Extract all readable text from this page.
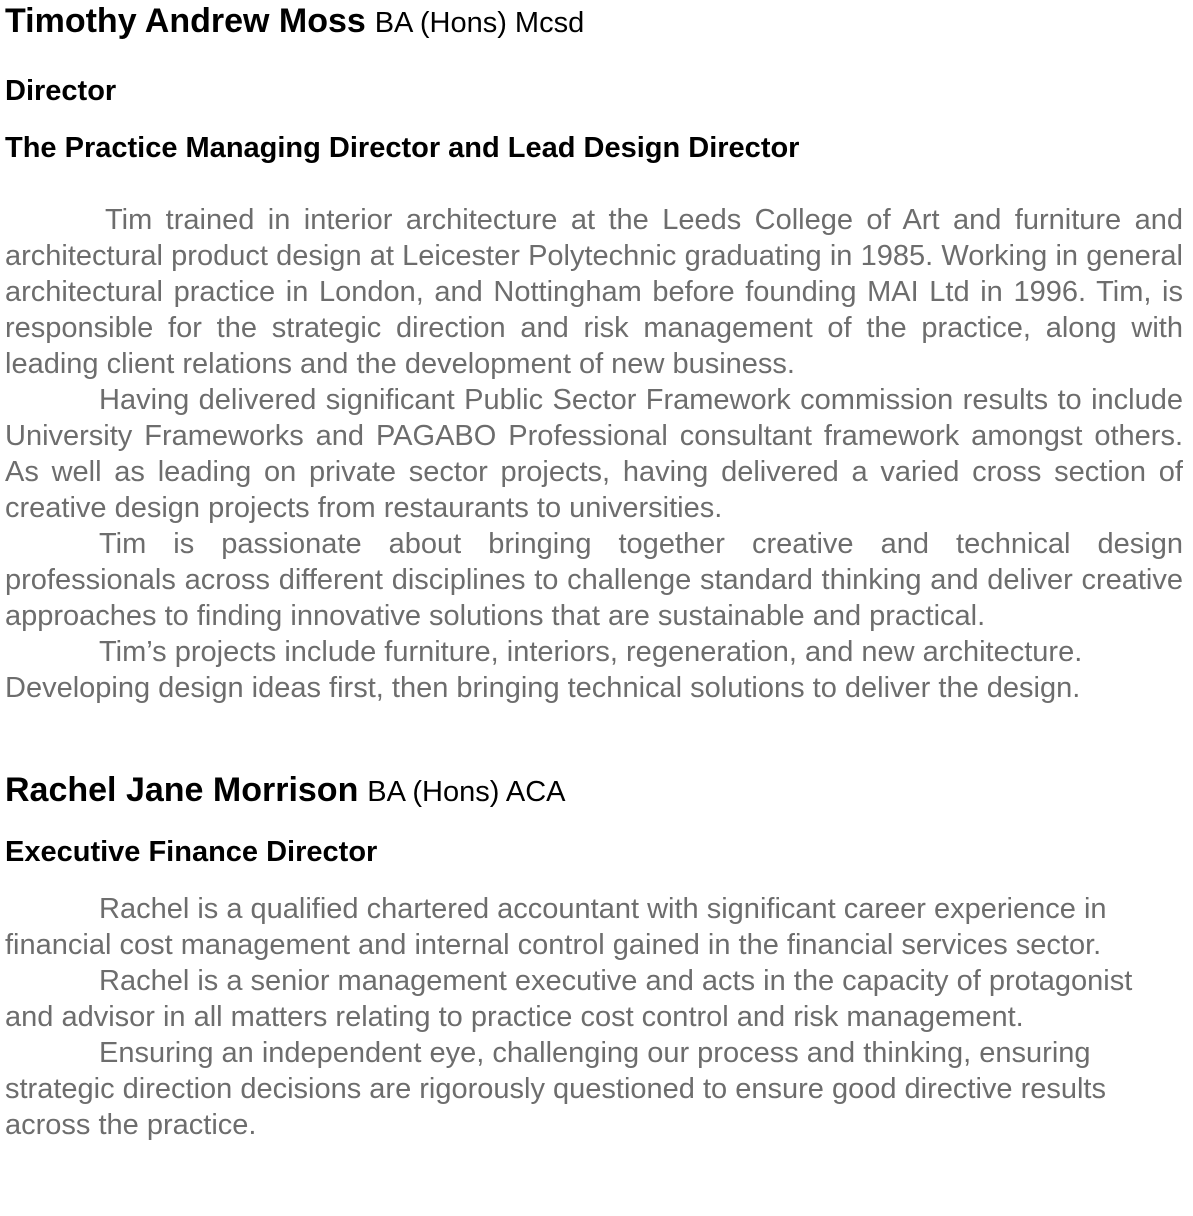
Timothy Andrew Moss BA (Hons) Mcsd
Director
The Practice Managing Director and Lead Design Director

Tim trained in interior architecture at the Leeds College of Art and furniture and architectural product design at Leicester Polytechnic graduating in 1985. Working in general architectural practice in London, and Nottingham before founding MAI Ltd in 1996. Tim, is responsible for the strategic direction and risk management of the practice, along with leading client relations and the development of new business.

Having delivered significant Public Sector Framework commission results to include University Frameworks and PAGABO Professional consultant framework amongst others. As well as leading on private sector projects, having delivered a varied cross section of creative design projects from restaurants to universities.

Tim is passionate about bringing together creative and technical design professionals across different disciplines to challenge standard thinking and deliver creative approaches to finding innovative solutions that are sustainable and practical.

Tim’s projects include furniture, interiors, regeneration, and new architecture. Developing design ideas first, then bringing technical solutions to deliver the design.

Rachel Jane Morrison BA (Hons) ACA
Executive Finance Director

Rachel is a qualified chartered accountant with significant career experience in financial cost management and internal control gained in the financial services sector.

Rachel is a senior management executive and acts in the capacity of protagonist and advisor in all matters relating to practice cost control and risk management.

Ensuring an independent eye, challenging our process and thinking, ensuring strategic direction decisions are rigorously questioned to ensure good directive results across the practice.
